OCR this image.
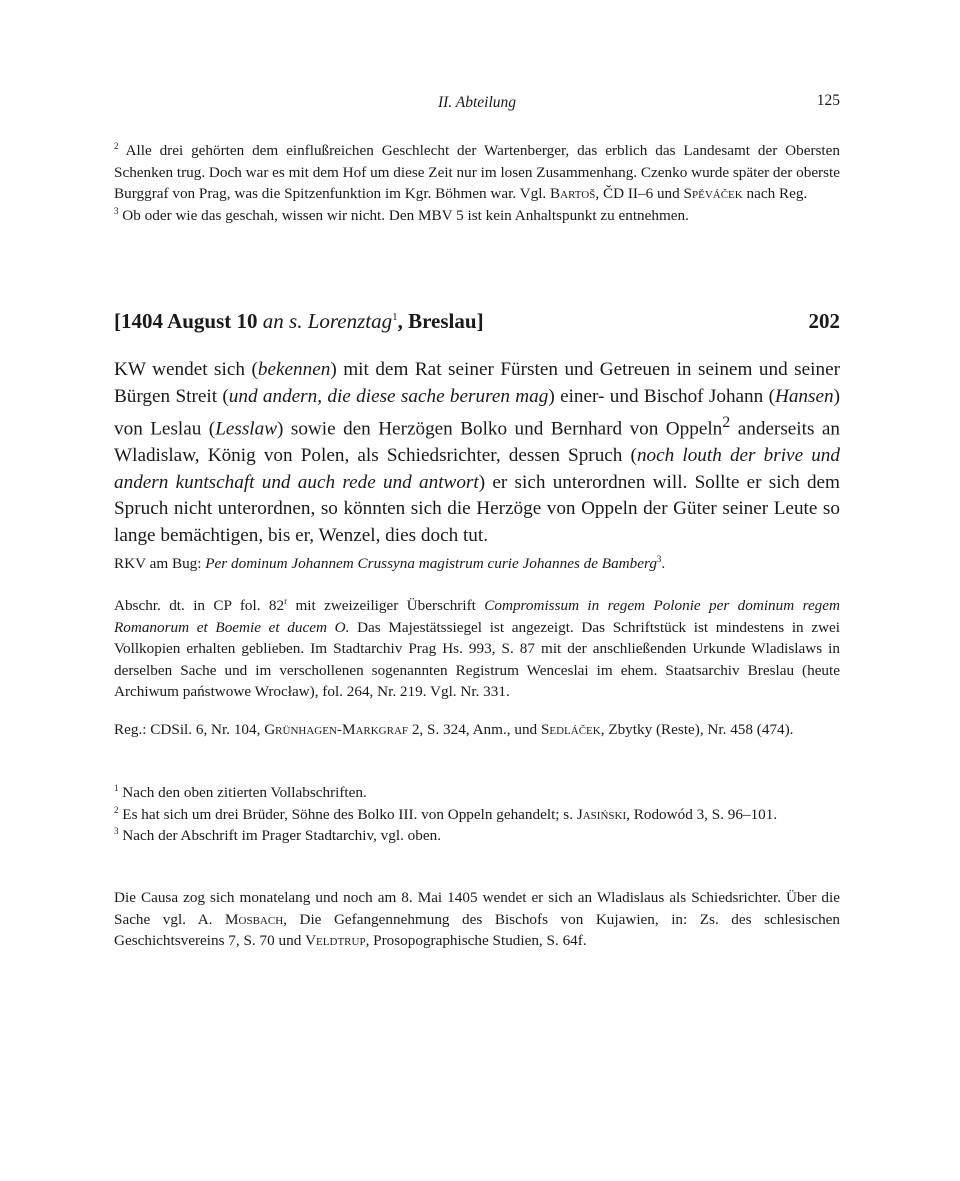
II. Abteilung	125

$^2$ Alle drei gehörten dem einflußreichen Geschlecht der Wartenberger, das erblich das Landesamt der Obersten Schenken trug. Doch war es mit dem Hof um diese Zeit nur im losen Zusammenhang. Czenko wurde später der oberste Burggraf von Prag, was die Spitzenfunktion im Kgr. Böhmen war. Vgl. Bartoš, ČD II–6 und Spěváček nach Reg.

$^3$ Ob oder wie das geschah, wissen wir nicht. Den MBV 5 ist kein Anhaltspunkt zu entnehmen.

[1404 August 10 an s. Lorenztag$^1$, Breslau]	202

KW wendet sich (bekennen) mit dem Rat seiner Fürsten und Getreuen in seinem und seiner Bürgen Streit (und andern, die diese sache beruren mag) einer- und Bischof Johann (Hansen) von Leslau (Lesslaw) sowie den Herzögen Bolko und Bernhard von Oppeln$^2$ anderseits an Wladislaw, König von Polen, als Schiedsrichter, dessen Spruch (noch louth der brive und andern kuntschaft und auch rede und antwort) er sich unterordnen will. Sollte er sich dem Spruch nicht unterordnen, so könnten sich die Herzöge von Oppeln der Güter seiner Leute so lange bemächtigen, bis er, Wenzel, dies doch tut.

RKV am Bug: Per dominum Johannem Crussyna magistrum curie Johannes de Bamberg$^3$.

Abschr. dt. in CP fol. 82$^r$ mit zweizeiliger Überschrift Compromissum in regem Polonie per dominum regem Romanorum et Boemie et ducem O. Das Majestätssiegel ist angezeigt. Das Schriftstück ist mindestens in zwei Vollkopien erhalten geblieben. Im Stadtarchiv Prag Hs. 993, S. 87 mit der anschließenden Urkunde Wladislaws in derselben Sache und im verschollenen sogenannten Registrum Wenceslai im ehem. Staatsarchiv Breslau (heute Archiwum państwowe Wrocław), fol. 264, Nr. 219. Vgl. Nr. 331.

Reg.: CDSil. 6, Nr. 104, Grünhagen-Markgraf 2, S. 324, Anm., und Sedláček, Zbytky (Reste), Nr. 458 (474).

$^1$ Nach den oben zitierten Vollabschriften.

$^2$ Es hat sich um drei Brüder, Söhne des Bolko III. von Oppeln gehandelt; s. Jasiński, Rodowód 3, S. 96–101.

$^3$ Nach der Abschrift im Prager Stadtarchiv, vgl. oben.

Die Causa zog sich monatelang und noch am 8. Mai 1405 wendet er sich an Wladislaus als Schiedsrichter. Über die Sache vgl. A. Mosbach, Die Gefangennehmung des Bischofs von Kujawien, in: Zs. des schlesischen Geschichtsvereins 7, S. 70 und Veldtrup, Prosopographische Studien, S. 64f.
